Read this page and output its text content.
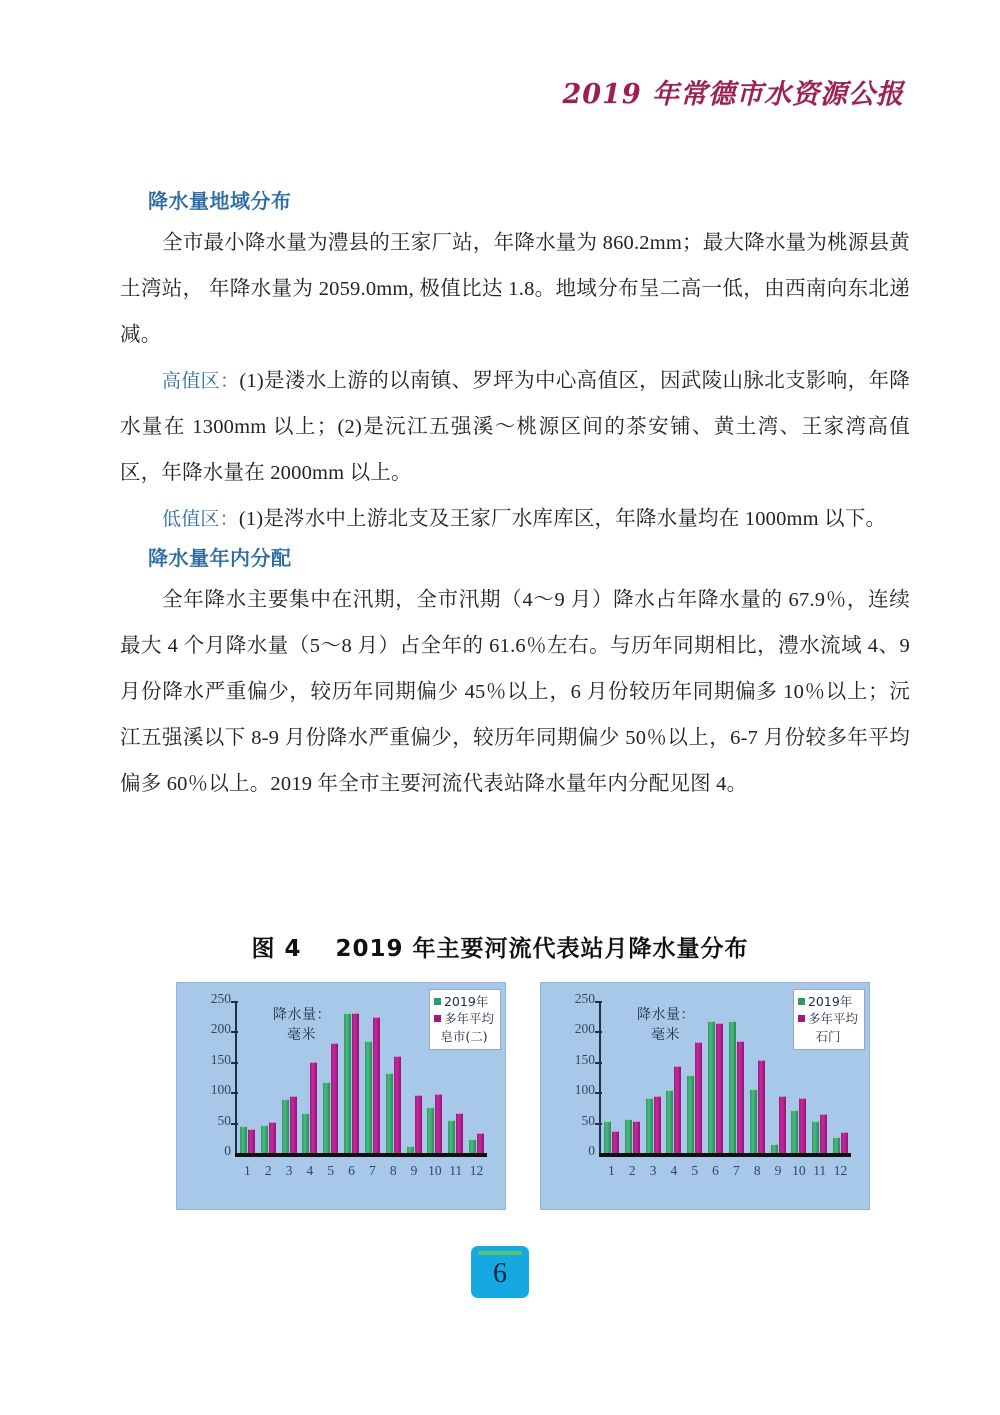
2019 年常德市水资源公报
降水量地域分布

全市最小降水量为澧县的王家厂站，年降水量为 860.2mm；最大降水量为桃源县黄土湾站， 年降水量为 2059.0mm, 极值比达 1.8。地域分布呈二高一低，由西南向东北递减。

高值区：(1)是溇水上游的以南镇、罗坪为中心高值区，因武陵山脉北支影响，年降水量在 1300mm 以上；(2)是沅江五强溪～桃源区间的茶安铺、黄土湾、王家湾高值区，年降水量在 2000mm 以上。

低值区：(1)是涔水中上游北支及王家厂水库库区，年降水量均在 1000mm 以下。

降水量年内分配

全年降水主要集中在汛期，全市汛期（4～9 月）降水占年降水量的 67.9％，连续最大 4 个月降水量（5～8 月）占全年的 61.6％左右。与历年同期相比，澧水流域 4、9 月份降水严重偏少，较历年同期偏少 45％以上，6 月份较历年同期偏多 10％以上；沅江五强溪以下 8-9 月份降水严重偏少，较历年同期偏少 50％以上，6-7 月份较多年平均偏多 60％以上。2019 年全市主要河流代表站降水量年内分配见图 4。

图 4 2019 年主要河流代表站月降水量分布
2019年
多年平均
皂市(二)
降水量：
毫米
0
50
100
150
200
250
1	2	3	4	5	6	7	8	9 10 11 12
2019年
多年平均
石门
降水量：
毫米
0
50
100
150
200
250
1	2	3	4	5	6	7	8	9 10 11 12
6
